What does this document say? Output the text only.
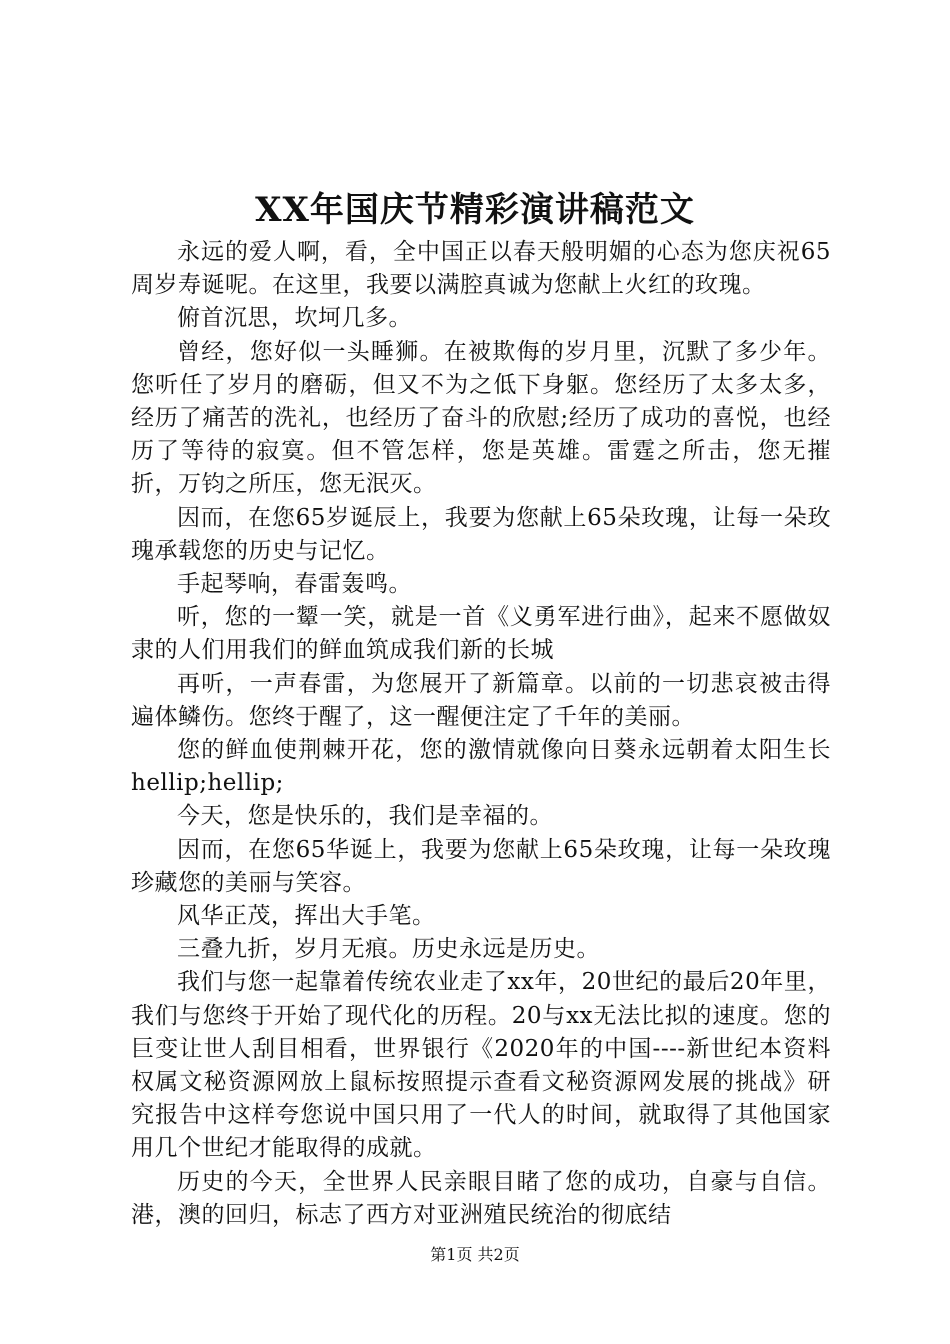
XX年国庆节精彩演讲稿范文

永远的爱人啊，看，全中国正以春天般明媚的心态为您庆祝65周岁寿诞呢。在这里，我要以满腔真诚为您献上火红的玫瑰。

俯首沉思，坎坷几多。

曾经，您好似一头睡狮。在被欺侮的岁月里，沉默了多少年。您听任了岁月的磨砺，但又不为之低下身躯。您经历了太多太多，经历了痛苦的洗礼，也经历了奋斗的欣慰;经历了成功的喜悦，也经历了等待的寂寞。但不管怎样，您是英雄。雷霆之所击，您无摧折，万钧之所压，您无泯灭。

因而，在您65岁诞辰上，我要为您献上65朵玫瑰，让每一朵玫瑰承载您的历史与记忆。

手起琴响，春雷轰鸣。

听，您的一颦一笑，就是一首《义勇军进行曲》，起来不愿做奴隶的人们用我们的鲜血筑成我们新的长城

再听，一声春雷，为您展开了新篇章。以前的一切悲哀被击得遍体鳞伤。您终于醒了，这一醒便注定了千年的美丽。

您的鲜血使荆棘开花，您的激情就像向日葵永远朝着太阳生长hellip;hellip;

今天，您是快乐的，我们是幸福的。

因而，在您65华诞上，我要为您献上65朵玫瑰，让每一朵玫瑰珍藏您的美丽与笑容。

风华正茂，挥出大手笔。

三叠九折，岁月无痕。历史永远是历史。

我们与您一起靠着传统农业走了xx年，20世纪的最后20年里，我们与您终于开始了现代化的历程。20与xx无法比拟的速度。您的巨变让世人刮目相看，世界银行《2020年的中国----新世纪本资料权属文秘资源网放上鼠标按照提示查看文秘资源网发展的挑战》研究报告中这样夸您说中国只用了一代人的时间，就取得了其他国家用几个世纪才能取得的成就。

历史的今天，全世界人民亲眼目睹了您的成功，自豪与自信。港，澳的回归，标志了西方对亚洲殖民统治的彻底结

第1页 共2页
